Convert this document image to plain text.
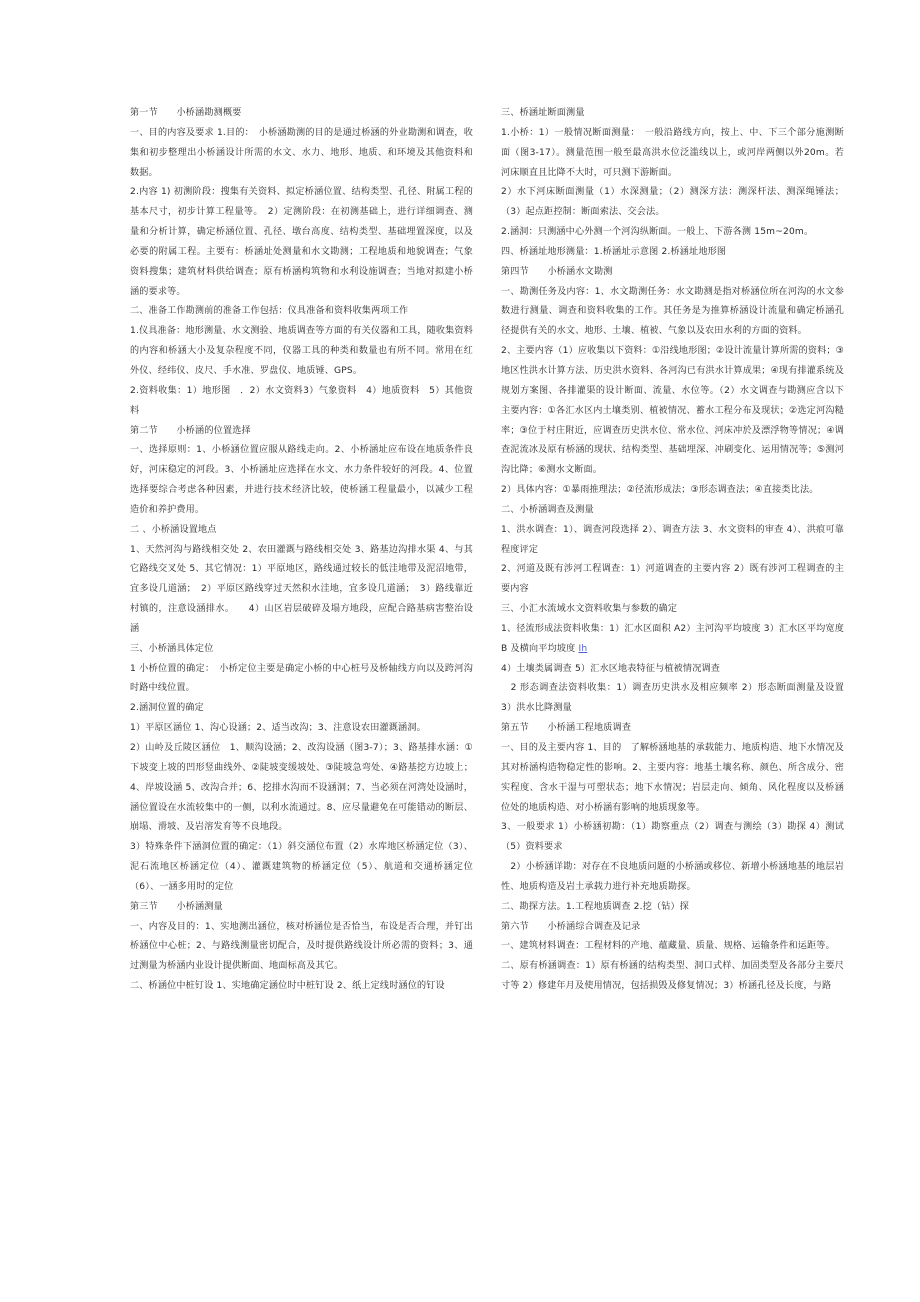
第一节　　小桥涵勘测概要

一、目的内容及要求 1.目的：　小桥涵勘测的目的是通过桥涵的外业勘测和调查，收集和初步整理出小桥涵设计所需的水文、水力、地形、地质、和环境及其他资料和数据。

2.内容 1) 初测阶段：搜集有关资料、拟定桥涵位置、结构类型、孔径、附属工程的基本尺寸，初步计算工程量等。　2）定测阶段：在初测基础上，进行详细调查、测量和分析计算，确定桥涵位置、孔径、墩台高度、结构类型、基础埋置深度，以及必要的附属工程。主要有：桥涵址处测量和水文勘测；工程地质和地貌调查；气象资料搜集；建筑材料供给调查；原有桥涵构筑物和水利设施调查；当地对拟建小桥涵的要求等。

二、准备工作勘测前的准备工作包括：仪具准备和资料收集两项工作

1.仪具准备：地形测量、水文测验、地质调查等方面的有关仪器和工具，随收集资料的内容和桥涵大小及复杂程度不同，仪器工具的种类和数量也有所不同。常用在红外仪、经纬仪、皮尺、手水准、罗盘仪、地质锤、GPS。

2.资料收集：1）地形图　．2）水文资料3）气象资料　4）地质资料　5）其他资料

第二节　　小桥涵的位置选择

一、选择原则：1、小桥涵位置应服从路线走向。2、小桥涵址应布设在地质条件良好，河床稳定的河段。3、小桥涵址应选择在水文、水力条件较好的河段。4、位置选择要综合考虑各种因素，并进行技术经济比较，使桥涵工程量最小，以减少工程造价和养护费用。

二 、小桥涵设置地点

1、天然河沟与路线相交处 2、农田灌溉与路线相交处 3、路基边沟排水渠 4、与其它路线交叉处 5、其它情况：1）平原地区，路线通过较长的低洼地带及泥沼地带，宜多设几道涵；　2）平原区路线穿过天然积水洼地，宜多设几道涵；　3）路线靠近村镇的，注意设涵排水。　　4）山区岩层破碎及塌方地段，应配合路基病害整治设涵

三、小桥涵具体定位

1 小桥位置的确定：　小桥定位主要是确定小桥的中心桩号及桥轴线方向以及跨河沟时路中线位置。

2.涵洞位置的确定

1）平原区涵位 1、沟心设涵；2、适当改沟；3、注意设农田灌溉涵洞。

2）山岭及丘陵区涵位　1、顺沟设涵；2、改沟设涵（图3-7）；3、路基排水涵：①下坡变上坡的凹形竖曲线外、②陡坡变缓坡处、③陡坡急弯处、④路基挖方边坡上；4、岸坡设涵 5、改沟合并；6、挖排水沟而不设涵洞；7、当必须在河湾处设涵时，涵位置设在水流较集中的一侧，以利水流通过。8、应尽量避免在可能错动的断层、崩塌、滑坡、及岩溶发育等不良地段。

3）特殊条件下涵洞位置的确定：（1）斜交涵位布置（2）水库地区桥涵定位（3）、泥石流地区桥涵定位（4）、灌溉建筑物的桥涵定位（5）、航道和交通桥涵定位（6）、一涵多用时的定位

第三节　　小桥涵测量

一、内容及目的：1、实地测出涵位，核对桥涵位是否恰当，布设是否合理，并钉出桥涵位中心桩；2、与路线测量密切配合，及时提供路线设计所必需的资料；3、通过测量为桥涵内业设计提供断面、地面标高及其它。

二、桥涵位中桩钉设 1、实地确定涵位时中桩钉设 2、纸上定线时涵位的钉设

三、桥涵址断面测量

1.小桥：1）一般情况断面测量：　一般沿路线方向，按上、中、下三个部分施测断面（图3-17）。测量范围一般至最高洪水位泛滥线以上，或河岸两侧以外20m。若河床顺直且比降不大时，可只测下游断面。

2）水下河床断面测量（1）水深测量；（2）测深方法：测深杆法、测深绳锤法；（3）起点距控制：断面索法、交会法。

2.涵洞：只测涵中心外测一个河沟纵断面。一般上、下游各测 15m~20m。

四、桥涵址地形测量：1.桥涵址示意图 2.桥涵址地形图

第四节　　小桥涵水文勘测

一、勘测任务及内容：1、水文勘测任务：水文勘测是指对桥涵位所在河沟的水文参数进行测量、调查和资料收集的工作。其任务是为推算桥涵设计流量和确定桥涵孔径提供有关的水文、地形、土壤、植被、气象以及农田水利的方面的资料。

2、主要内容（1）应收集以下资料：①沿线地形图；②设计流量计算所需的资料；③地区性洪水计算方法、历史洪水资料、各河沟已有洪水计算成果；④现有排灌系统及规划方案图、各排灌渠的设计断面、流量、水位等。（2）水文调查与勘测应含以下主要内容：①各汇水区内土壤类别、植被情况、蓄水工程分布及现状；②选定河沟糙率；③位于村庄附近，应调查历史洪水位、常水位、河床冲於及漂浮物等情况；④调查泥流冰及原有桥涵的现状、结构类型、基础埋深、冲刷变化、运用情况等；⑤测河沟比降；⑥测水文断面。

2）具体内容：①暴雨推理法；②径流形成法；③形态调查法；④直接类比法。

二、小桥涵调查及测量

1、洪水调查：1）、调查河段选择 2）、调查方法 3、水文资料的审查 4）、洪痕可靠程度评定

2、河道及既有涉河工程调查：1）河道调查的主要内容 2）既有涉河工程调查的主要内容

三、小汇水流域水文资料收集与参数的确定

1、径流形成法资料收集：1）汇水区面积 A2）主河沟平均坡度 3）汇水区平均宽度 B 及横向平均坡度 Ih

4）土壤类属调查 5）汇水区地表特征与植被情况调查

　2 形态调查法资料收集：1）调查历史洪水及相应频率 2）形态断面测量及设置 3）洪水比降测量

第五节　　小桥涵工程地质调查

一、目的及主要内容 1、目的　了解桥涵地基的承载能力、地质构造、地下水情况及其对桥涵构造物稳定性的影响。2、主要内容：地基土壤名称、颜色、所含成分、密实程度、含水干湿与可塑状态；地下水情况；岩层走向、倾角、风化程度以及桥涵位处的地质构造、对小桥涵有影响的地质现象等。

3、一般要求 1）小桥涵初勘：（1）勘察重点（2）调查与测绘（3）勘探 4）测试（5）资料要求

　2）小桥涵详勘：对存在不良地质问题的小桥涵或移位、新增小桥涵地基的地层岩性、地质构造及岩土承载力进行补充地质勘探。

二、勘探方法。1.工程地质调查 2.挖（钻）探

第六节　　小桥涵综合调查及记录

一、建筑材料调查：工程材料的产地、蕴藏量、质量、规格、运输条件和运距等。

二、原有桥涵调查：1）原有桥涵的结构类型、洞口式样、加固类型及各部分主要尺寸等 2）修建年月及使用情况，包括损毁及修复情况；3）桥涵孔径及长度，与路
